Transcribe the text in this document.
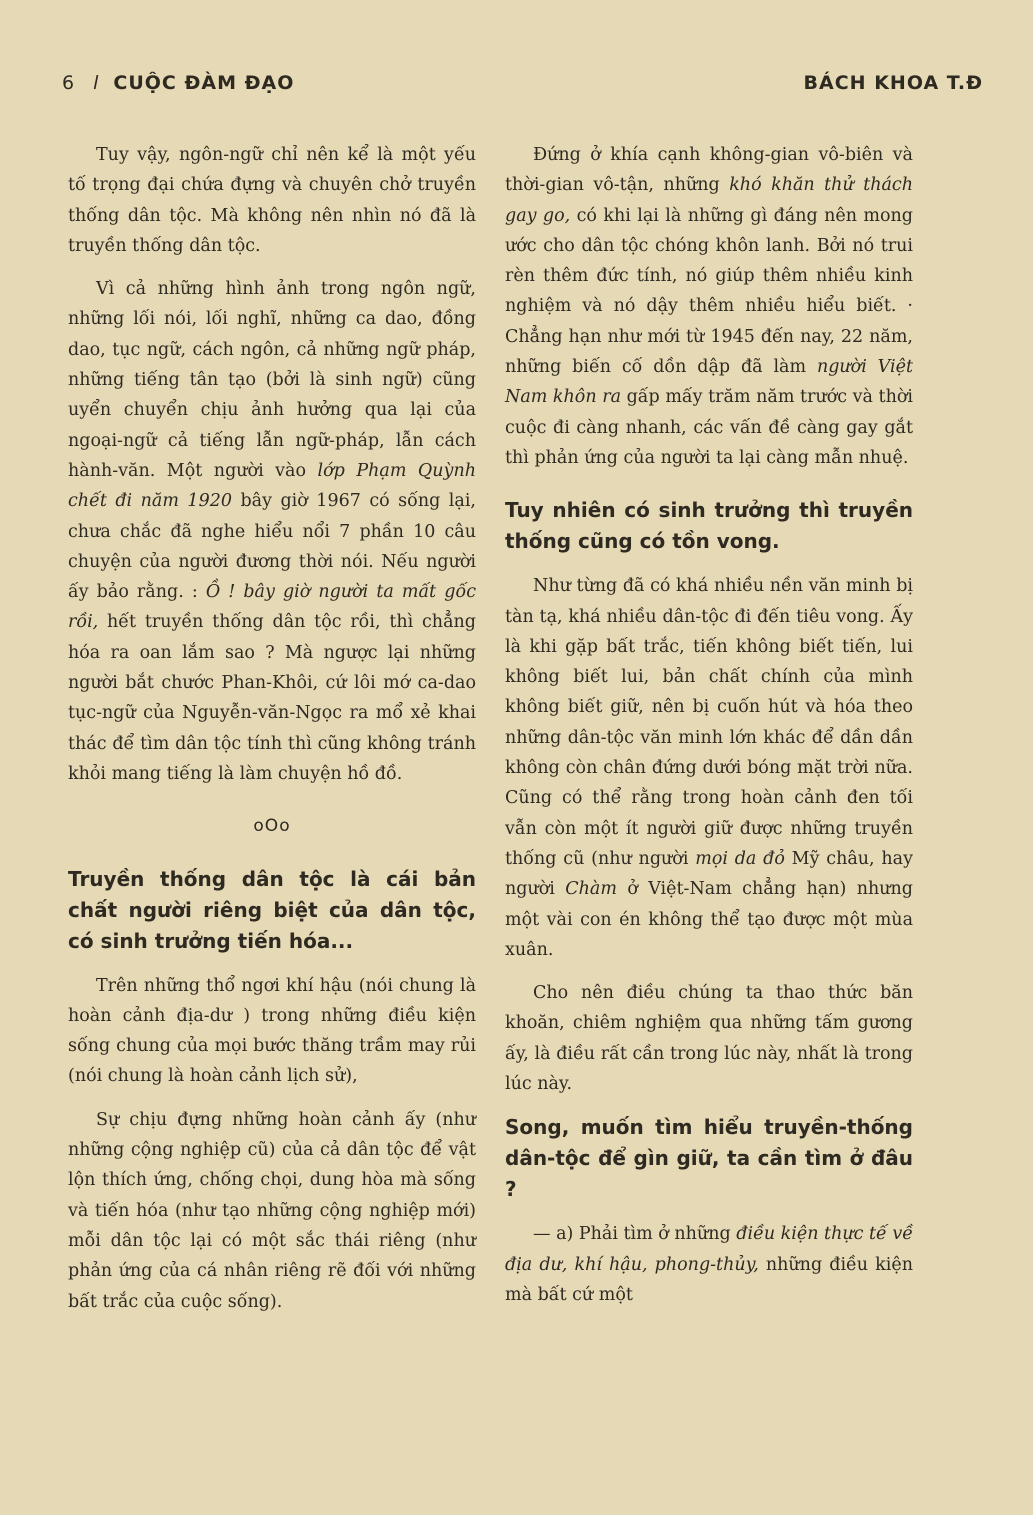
6 l CUỘC ĐÀM ĐẠO	BÁCH KHOA T.Đ

Tuy vậy, ngôn-ngữ chỉ nên kể là một yếu tố trọng đại chứa đựng và chuyên chở truyền thống dân tộc. Mà không nên nhìn nó đã là truyền thống dân tộc.

Vì cả những hình ảnh trong ngôn ngữ, những lối nói, lối nghĩ, những ca dao, đồng dao, tục ngữ, cách ngôn, cả những ngữ pháp, những tiếng tân tạo (bởi là sinh ngữ) cũng uyển chuyển chịu ảnh hưởng qua lại của ngoại-ngữ cả tiếng lẫn ngữ-pháp, lẫn cách hành-văn. Một người vào lớp Phạm Quỳnh chết đi năm 1920 bây giờ 1967 có sống lại, chưa chắc đã nghe hiểu nổi 7 phần 10 câu chuyện của người đương thời nói. Nếu người ấy bảo rằng. : Ồ ! bây giờ người ta mất gốc rồi, hết truyền thống dân tộc rồi, thì chẳng hóa ra oan lắm sao ? Mà ngược lại những người bắt chước Phan-Khôi, cứ lôi mớ ca-dao tục-ngữ của Nguyễn-văn-Ngọc ra mổ xẻ khai thác để tìm dân tộc tính thì cũng không tránh khỏi mang tiếng là làm chuyện hồ đồ.

oOo
Truyền thống dân tộc là cái bản chất người riêng biệt của dân tộc, có sinh trưởng tiến hóa...

Trên những thổ ngơi khí hậu (nói chung là hoàn cảnh địa-dư ) trong những điều kiện sống chung của mọi bước thăng trầm may rủi (nói chung là hoàn cảnh lịch sử),

Sự chịu đựng những hoàn cảnh ấy (như những cộng nghiệp cũ) của cả dân tộc để vật lộn thích ứng, chống chọi, dung hòa mà sống và tiến hóa (như tạo những cộng nghiệp mới) mỗi dân tộc lại có một sắc thái riêng (như phản ứng của cá nhân riêng rẽ đối với những bất trắc của cuộc sống).

Đứng ở khía cạnh không-gian vô-biên và thời-gian vô-tận, những khó khăn thử thách gay go, có khi lại là những gì đáng nên mong ước cho dân tộc chóng khôn lanh. Bởi nó trui rèn thêm đức tính, nó giúp thêm nhiều kinh nghiệm và nó dậy thêm nhiều hiểu biết. · Chẳng hạn như mới từ 1945 đến nay, 22 năm, những biến cố dồn dập đã làm người Việt Nam khôn ra gấp mấy trăm năm trước và thời cuộc đi càng nhanh, các vấn đề càng gay gắt thì phản ứng của người ta lại càng mẫn nhuệ.

Tuy nhiên có sinh trưởng thì truyền thống cũng có tồn vong.

Như từng đã có khá nhiều nền văn minh bị tàn tạ, khá nhiều dân-tộc đi đến tiêu vong. Ấy là khi gặp bất trắc, tiến không biết tiến, lui không biết lui, bản chất chính của mình không biết giữ, nên bị cuốn hút và hóa theo những dân-tộc văn minh lớn khác để dần dần không còn chân đứng dưới bóng mặt trời nữa. Cũng có thể rằng trong hoàn cảnh đen tối vẫn còn một ít người giữ được những truyền thống cũ (như người mọi da đỏ Mỹ châu, hay người Chàm ở Việt-Nam chẳng hạn) nhưng một vài con én không thể tạo được một mùa xuân.

Cho nên điều chúng ta thao thức băn khoăn, chiêm nghiệm qua những tấm gương ấy, là điều rất cần trong lúc này, nhất là trong lúc này.

Song, muốn tìm hiểu truyền-thống dân-tộc để gìn giữ, ta cần tìm ở đâu ?

— a) Phải tìm ở những điều kiện thực tế về địa dư, khí hậu, phong-thủy, những điều kiện mà bất cứ một
